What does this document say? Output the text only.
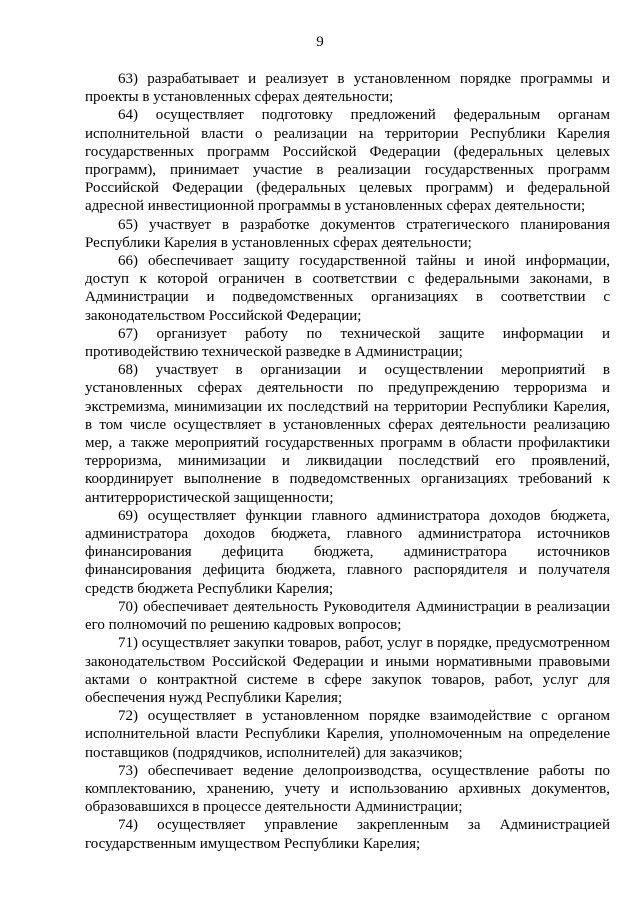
9

63) разрабатывает и реализует в установленном порядке программы и проекты в установленных сферах деятельности;

64) осуществляет подготовку предложений федеральным органам исполнительной власти о реализации на территории Республики Карелия государственных программ Российской Федерации (федеральных целевых программ), принимает участие в реализации государственных программ Российской Федерации (федеральных целевых программ) и федеральной адресной инвестиционной программы в установленных сферах деятельности;

65) участвует в разработке документов стратегического планирования Республики Карелия в установленных сферах деятельности;

66) обеспечивает защиту государственной тайны и иной информации, доступ к которой ограничен в соответствии с федеральными законами, в Администрации и подведомственных организациях в соответствии с законодательством Российской Федерации;

67) организует работу по технической защите информации и противодействию технической разведке в Администрации;

68) участвует в организации и осуществлении мероприятий в установленных сферах деятельности по предупреждению терроризма и экстремизма, минимизации их последствий на территории Республики Карелия, в том числе осуществляет в установленных сферах деятельности реализацию мер, а также мероприятий государственных программ в области профилактики терроризма, минимизации и ликвидации последствий его проявлений, координирует выполнение в подведомственных организациях требований к антитеррористической защищенности;

69) осуществляет функции главного администратора доходов бюджета, администратора доходов бюджета, главного администратора источников финансирования дефицита бюджета, администратора источников финансирования дефицита бюджета, главного распорядителя и получателя средств бюджета Республики Карелия;

70) обеспечивает деятельность Руководителя Администрации в реализации его полномочий по решению кадровых вопросов;

71) осуществляет закупки товаров, работ, услуг в порядке, предусмотренном законодательством Российской Федерации и иными нормативными правовыми актами о контрактной системе в сфере закупок товаров, работ, услуг для обеспечения нужд Республики Карелия;

72) осуществляет в установленном порядке взаимодействие с органом исполнительной власти Республики Карелия, уполномоченным на определение поставщиков (подрядчиков, исполнителей) для заказчиков;

73) обеспечивает ведение делопроизводства, осуществление работы по комплектованию, хранению, учету и использованию архивных документов, образовавшихся в процессе деятельности Администрации;

74) осуществляет управление закрепленным за Администрацией государственным имуществом Республики Карелия;
